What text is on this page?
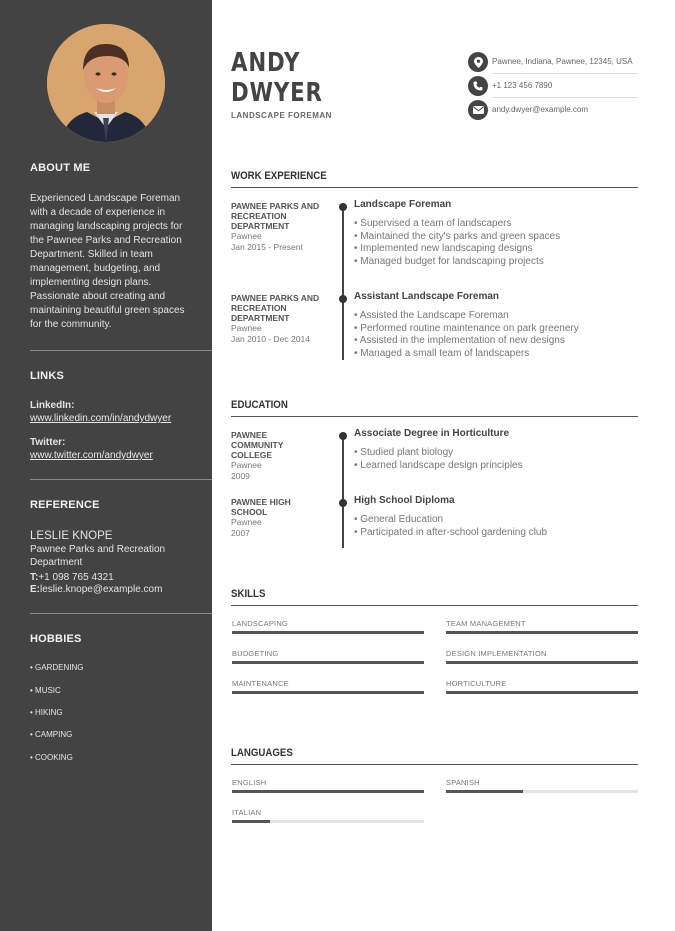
ABOUT ME
Experienced Landscape Foreman with a decade of experience in managing landscaping projects for the Pawnee Parks and Recreation Department. Skilled in team management, budgeting, and implementing design plans. Passionate about creating and maintaining beautiful green spaces for the community.
LINKS
LinkedIn:
www.linkedin.com/in/andydwyer
Twitter:
www.twitter.com/andydwyer
REFERENCE
LESLIE KNOPE
Pawnee Parks and Recreation Department
T:+1 098 765 4321
E:leslie.knope@example.com
HOBBIES
• GARDENING
• MUSIC
• HIKING
• CAMPING
• COOKING
ANDY
DWYER
LANDSCAPE FOREMAN
Pawnee, Indiana, Pawnee, 12345, USA
+1 123 456 7890
andy.dwyer@example.com
WORK EXPERIENCE
PAWNEE PARKS AND RECREATION DEPARTMENT
Pawnee
Jan 2015 - Present
Landscape Foreman
• Supervised a team of landscapers
• Maintained the city's parks and green spaces
• Implemented new landscaping designs
• Managed budget for landscaping projects
PAWNEE PARKS AND RECREATION DEPARTMENT
Pawnee
Jan 2010 - Dec 2014
Assistant Landscape Foreman
• Assisted the Landscape Foreman
• Performed routine maintenance on park greenery
• Assisted in the implementation of new designs
• Managed a small team of landscapers
EDUCATION
PAWNEE COMMUNITY COLLEGE
Pawnee
2009
Associate Degree in Horticulture
• Studied plant biology
• Learned landscape design principles
PAWNEE HIGH SCHOOL
Pawnee
2007
High School Diploma
• General Education
• Participated in after-school gardening club
SKILLS
LANDSCAPING	TEAM MANAGEMENT
BUDGETING	DESIGN IMPLEMENTATION
MAINTENANCE	HORTICULTURE
LANGUAGES
ENGLISH	SPANISH
ITALIAN
